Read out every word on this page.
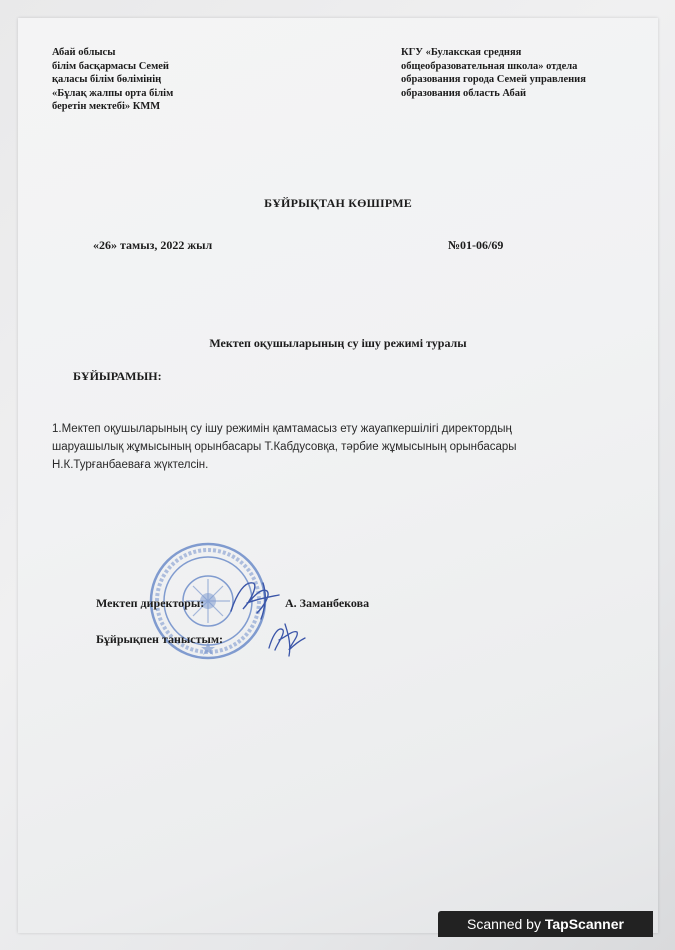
Абай облысы
білім басқармасы Семей
қаласы білім бөлімінің
«Бұлақ жалпы орта білім
беретін мектебі» КММ
КГУ «Булакская средняя
общеобразовательная школа» отдела
образования города Семей управления
образования область Абай
БҰЙРЫҚТАН КӨШІРМЕ
«26» тамыз, 2022 жыл	№01-06/69
Мектеп оқушыларының су ішу режимі туралы
БҰЙЫРАМЫН:
1.Мектеп оқушыларының су ішу режимін қамтамасыз ету жауапкершілігі директордың
шаруашылық жұмысының орынбасары Т.Кабдусовқа, тәрбие жұмысының орынбасары
Н.К.Турғанбаеваға жүктелсін.
Мектеп директоры:	А. Заманбекова
Бұйрықпен таныстым:
Scanned by TapScanner
